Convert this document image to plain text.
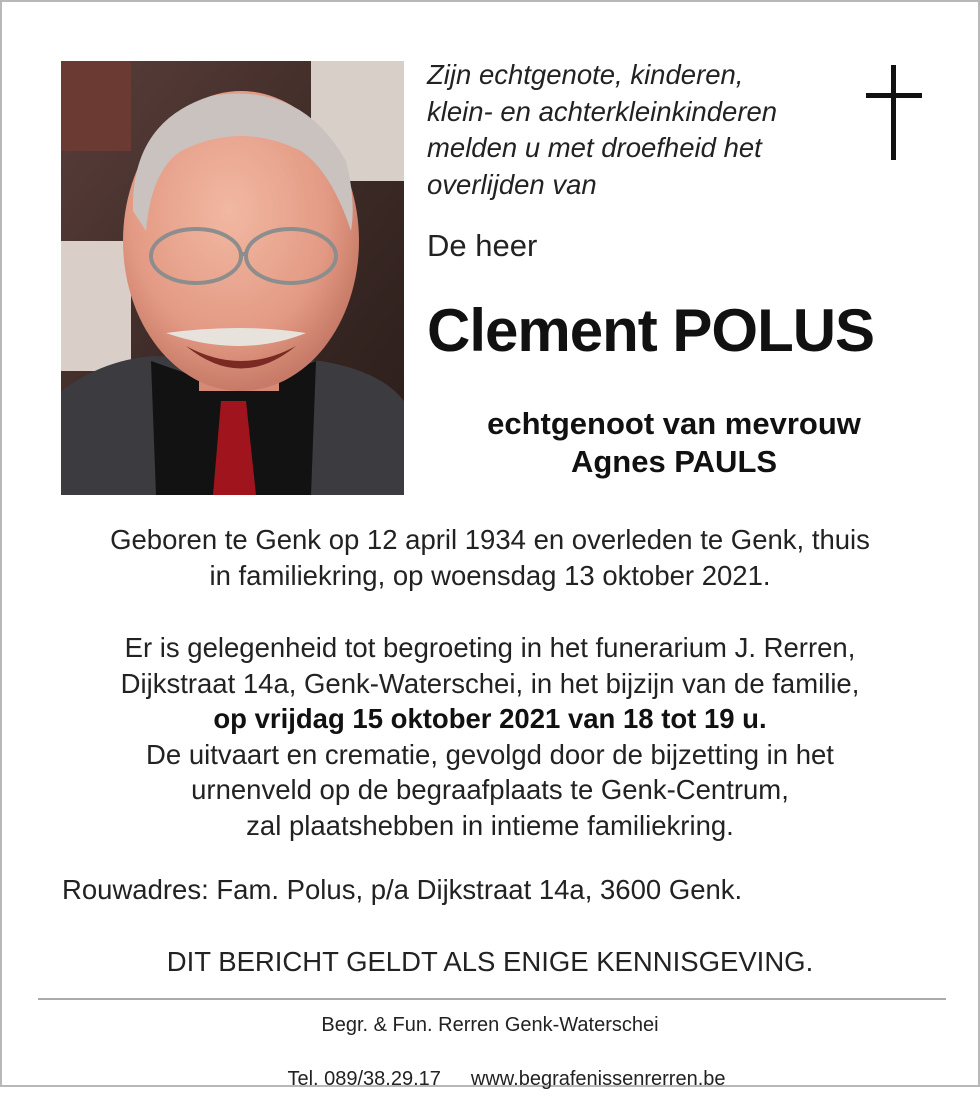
Zijn echtgenote, kinderen,
klein- en achterkleinkinderen
melden u met droefheid het
overlijden van
De heer
Clement POLUS
echtgenoot van mevrouw
Agnes PAULS
Geboren te Genk op 12 april 1934 en overleden te Genk, thuis
in familiekring, op woensdag 13 oktober 2021.
Er is gelegenheid tot begroeting in het funerarium J. Rerren,
Dijkstraat 14a, Genk-Waterschei, in het bijzijn van de familie,
op vrijdag 15 oktober 2021 van 18 tot 19 u.
De uitvaart en crematie, gevolgd door de bijzetting in het
urnenveld op de begraafplaats te Genk-Centrum,
zal plaatshebben in intieme familiekring.
Rouwadres: Fam. Polus, p/a Dijkstraat 14a, 3600 Genk.
DIT BERICHT GELDT ALS ENIGE KENNISGEVING.
Begr. & Fun. Rerren Genk-Waterschei

Tel. 089/38.29.17 www.begrafenissenrerren.be
